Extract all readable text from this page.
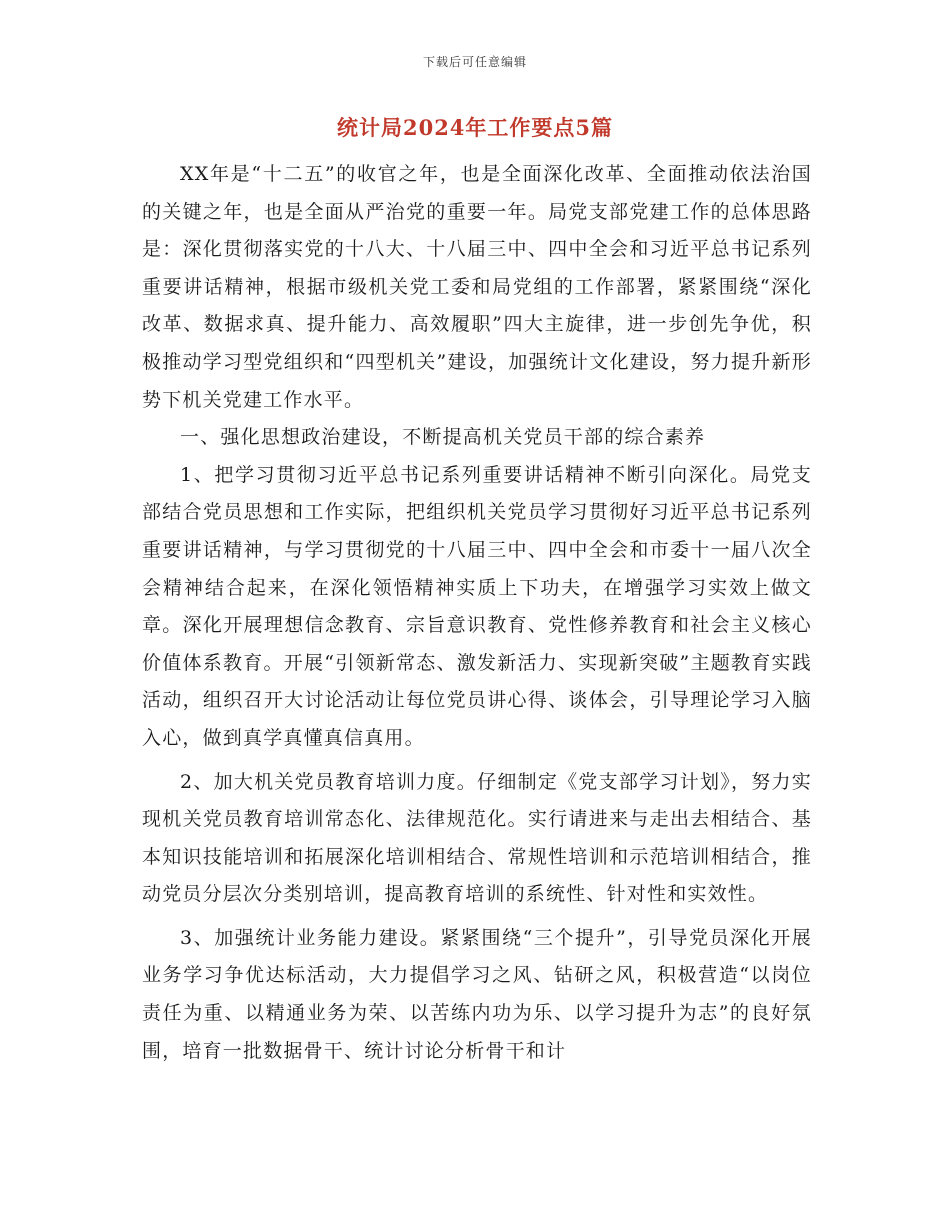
下载后可任意编辑
统计局2024年工作要点5篇

XX年是“十二五”的收官之年，也是全面深化改革、全面推动依法治国的关键之年，也是全面从严治党的重要一年。局党支部党建工作的总体思路是：深化贯彻落实党的十八大、十八届三中、四中全会和习近平总书记系列重要讲话精神，根据市级机关党工委和局党组的工作部署，紧紧围绕“深化改革、数据求真、提升能力、高效履职”四大主旋律，进一步创先争优，积极推动学习型党组织和“四型机关”建设，加强统计文化建设，努力提升新形势下机关党建工作水平。

一、强化思想政治建设，不断提高机关党员干部的综合素养

1、把学习贯彻习近平总书记系列重要讲话精神不断引向深化。局党支部结合党员思想和工作实际，把组织机关党员学习贯彻好习近平总书记系列重要讲话精神，与学习贯彻党的十八届三中、四中全会和市委十一届八次全会精神结合起来，在深化领悟精神实质上下功夫，在增强学习实效上做文章。深化开展理想信念教育、宗旨意识教育、党性修养教育和社会主义核心价值体系教育。开展“引领新常态、激发新活力、实现新突破”主题教育实践活动，组织召开大讨论活动让每位党员讲心得、谈体会，引导理论学习入脑入心，做到真学真懂真信真用。

2、加大机关党员教育培训力度。仔细制定《党支部学习计划》，努力实现机关党员教育培训常态化、法律规范化。实行请进来与走出去相结合、基本知识技能培训和拓展深化培训相结合、常规性培训和示范培训相结合，推动党员分层次分类别培训，提高教育培训的系统性、针对性和实效性。

3、加强统计业务能力建设。紧紧围绕“三个提升”，引导党员深化开展业务学习争优达标活动，大力提倡学习之风、钻研之风，积极营造“以岗位责任为重、以精通业务为荣、以苦练内功为乐、以学习提升为志”的良好氛围，培育一批数据骨干、统计讨论分析骨干和计
